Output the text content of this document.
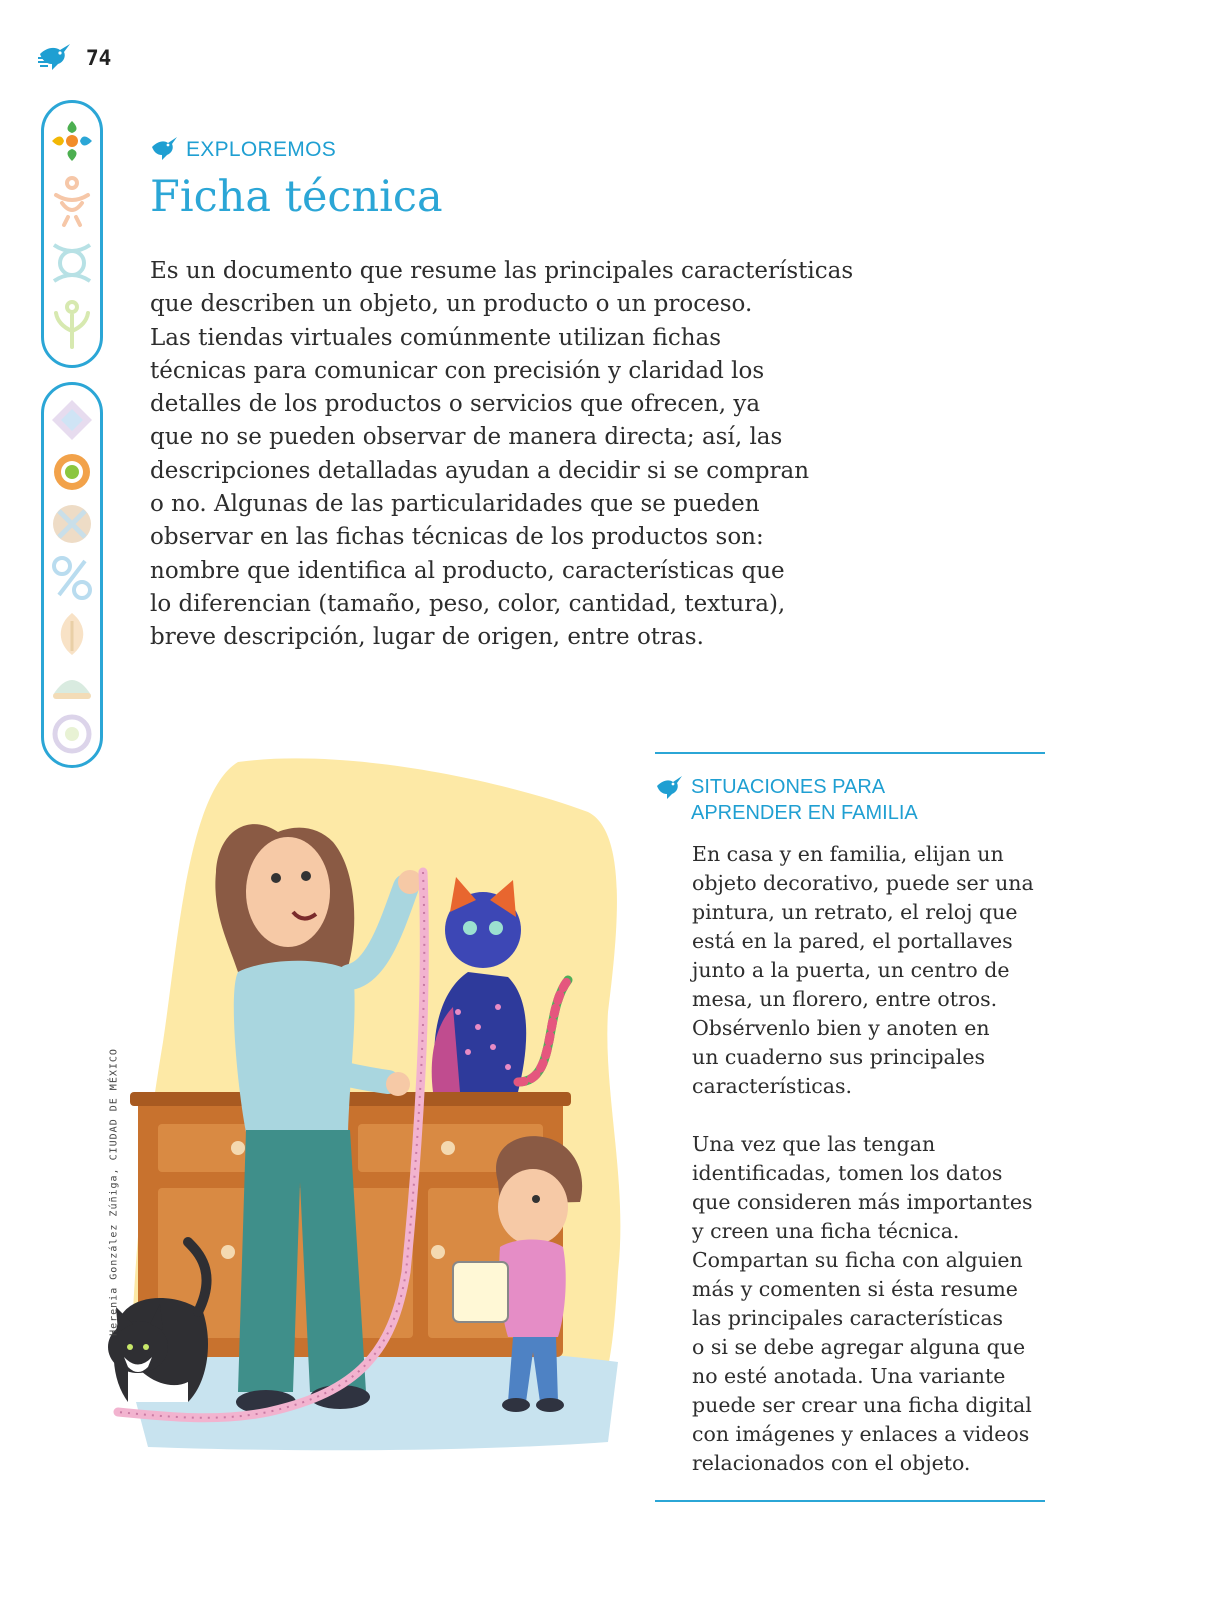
74
EXPLOREMOS
Ficha técnica
Es un documento que resume las principales características
que describen un objeto, un producto o un proceso.
Las tiendas virtuales comúnmente utilizan fichas
técnicas para comunicar con precisión y claridad los
detalles de los productos o servicios que ofrecen, ya
que no se pueden observar de manera directa; así, las
descripciones detalladas ayudan a decidir si se compran
o no. Algunas de las particularidades que se pueden
observar en las fichas técnicas de los productos son:
nombre que identifica al producto, características que
lo diferencian (tamaño, peso, color, cantidad, textura),
breve descripción, lugar de origen, entre otras.
Herenia González Zúñiga, CIUDAD DE MÉXICO
SITUACIONES PARA
APRENDER EN FAMILIA
En casa y en familia, elijan un
objeto decorativo, puede ser una
pintura, un retrato, el reloj que
está en la pared, el portallaves
junto a la puerta, un centro de
mesa, un florero, entre otros.
Obsérvenlo bien y anoten en
un cuaderno sus principales
características.
Una vez que las tengan
identificadas, tomen los datos
que consideren más importantes
y creen una ficha técnica.
Compartan su ficha con alguien
más y comenten si ésta resume
las principales características
o si se debe agregar alguna que
no esté anotada. Una variante
puede ser crear una ficha digital
con imágenes y enlaces a videos
relacionados con el objeto.
